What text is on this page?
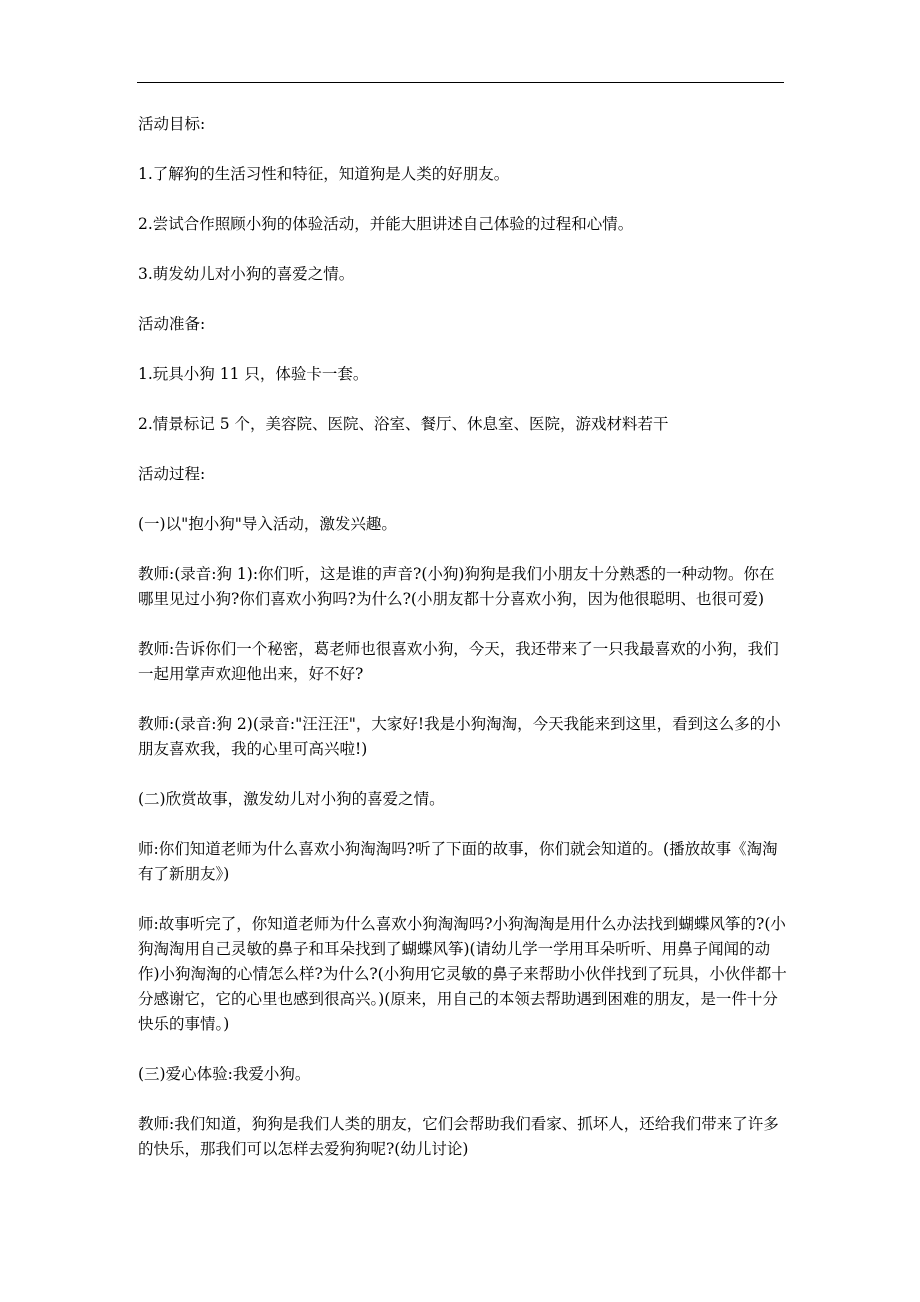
活动目标:

1.了解狗的生活习性和特征，知道狗是人类的好朋友。

2.尝试合作照顾小狗的体验活动，并能大胆讲述自己体验的过程和心情。

3.萌发幼儿对小狗的喜爱之情。

活动准备:

1.玩具小狗 11 只，体验卡一套。

2.情景标记 5 个，美容院、医院、浴室、餐厅、休息室、医院，游戏材料若干

活动过程:

(一)以"抱小狗"导入活动，激发兴趣。

教师:(录音:狗 1):你们听，这是谁的声音?(小狗)狗狗是我们小朋友十分熟悉的一种动物。你在哪里见过小狗?你们喜欢小狗吗?为什么?(小朋友都十分喜欢小狗，因为他很聪明、也很可爱)

教师:告诉你们一个秘密，葛老师也很喜欢小狗，今天，我还带来了一只我最喜欢的小狗，我们一起用掌声欢迎他出来，好不好?

教师:(录音:狗 2)(录音:"汪汪汪"，大家好!我是小狗淘淘，今天我能来到这里，看到这么多的小朋友喜欢我，我的心里可高兴啦!)

(二)欣赏故事，激发幼儿对小狗的喜爱之情。

师:你们知道老师为什么喜欢小狗淘淘吗?听了下面的故事，你们就会知道的。(播放故事《淘淘有了新朋友》)

师:故事听完了，你知道老师为什么喜欢小狗淘淘吗?小狗淘淘是用什么办法找到蝴蝶风筝的?(小狗淘淘用自己灵敏的鼻子和耳朵找到了蝴蝶风筝)(请幼儿学一学用耳朵听听、用鼻子闻闻的动作)小狗淘淘的心情怎么样?为什么?(小狗用它灵敏的鼻子来帮助小伙伴找到了玩具，小伙伴都十分感谢它，它的心里也感到很高兴。)(原来，用自己的本领去帮助遇到困难的朋友，是一件十分快乐的事情。)

(三)爱心体验:我爱小狗。

教师:我们知道，狗狗是我们人类的朋友，它们会帮助我们看家、抓坏人，还给我们带来了许多的快乐，那我们可以怎样去爱狗狗呢?(幼儿讨论)
